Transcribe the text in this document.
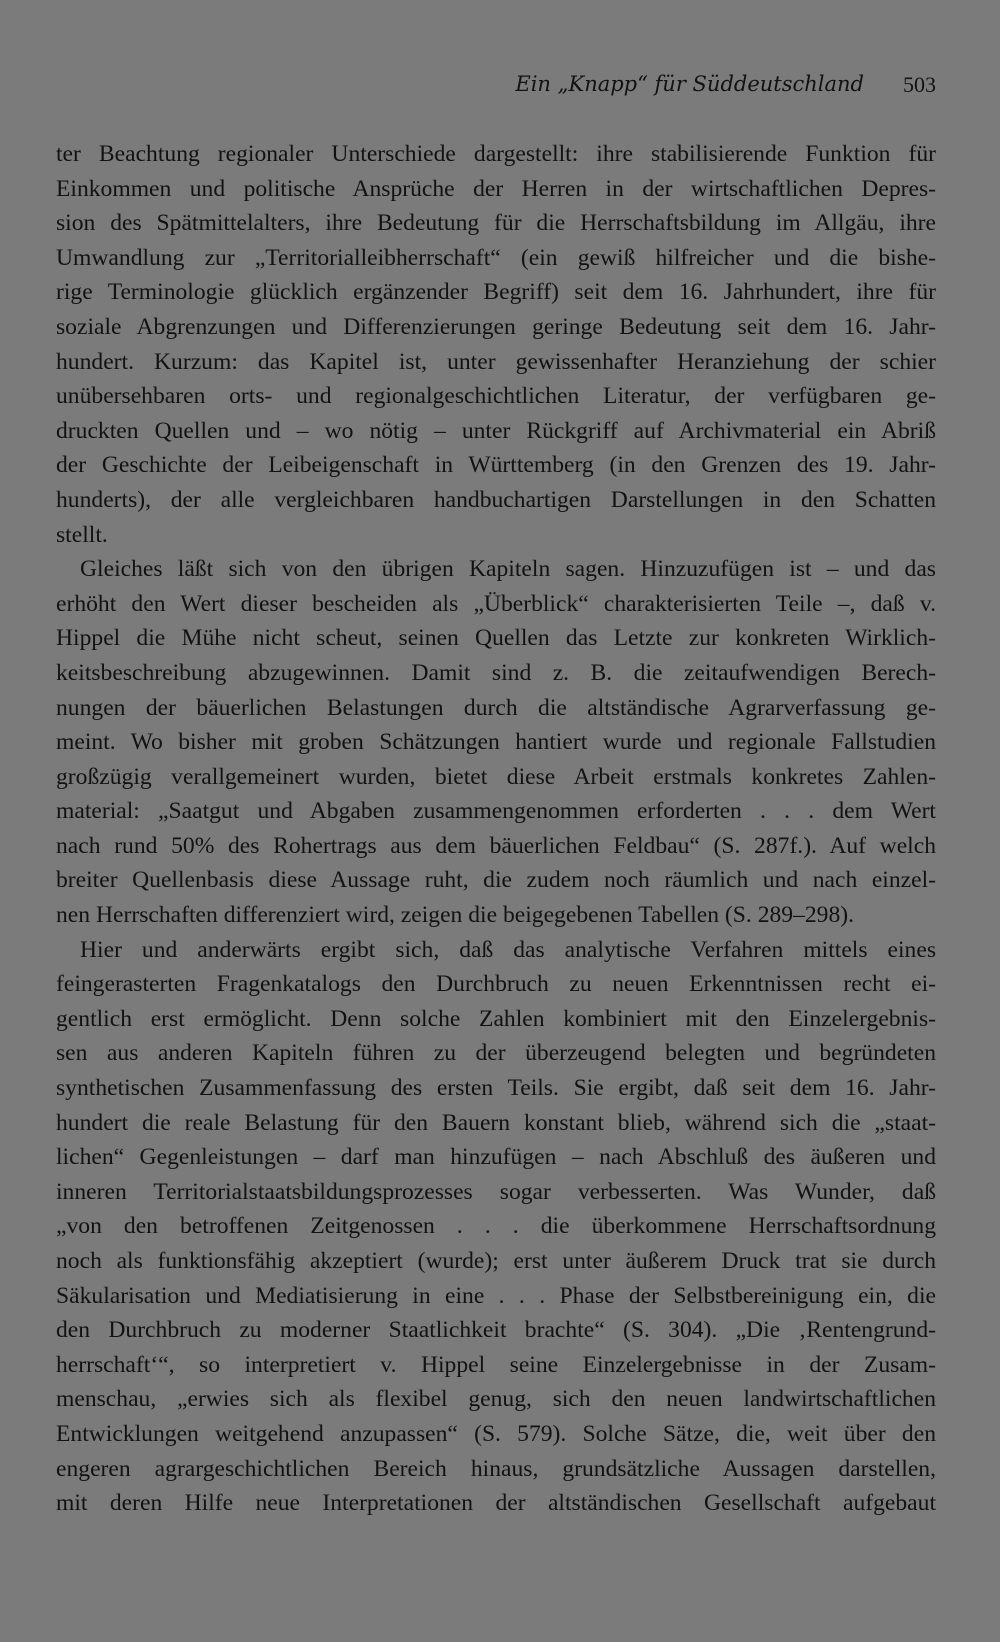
Ein „Knapp“ für Süddeutschland 503
ter Beachtung regionaler Unterschiede dargestellt: ihre stabilisierende Funktion für
Einkommen und politische Ansprüche der Herren in der wirtschaftlichen Depres-
sion des Spätmittelalters, ihre Bedeutung für die Herrschaftsbildung im Allgäu, ihre
Umwandlung zur „Territorialleibherrschaft“ (ein gewiß hilfreicher und die bishe-
rige Terminologie glücklich ergänzender Begriff) seit dem 16. Jahrhundert, ihre für
soziale Abgrenzungen und Differenzierungen geringe Bedeutung seit dem 16. Jahr-
hundert. Kurzum: das Kapitel ist, unter gewissenhafter Heranziehung der schier
unübersehbaren orts- und regionalgeschichtlichen Literatur, der verfügbaren ge-
druckten Quellen und – wo nötig – unter Rückgriff auf Archivmaterial ein Abriß
der Geschichte der Leibeigenschaft in Württemberg (in den Grenzen des 19. Jahr-
hunderts), der alle vergleichbaren handbuchartigen Darstellungen in den Schatten
stellt.
Gleiches läßt sich von den übrigen Kapiteln sagen. Hinzuzufügen ist – und das
erhöht den Wert dieser bescheiden als „Überblick“ charakterisierten Teile –, daß v.
Hippel die Mühe nicht scheut, seinen Quellen das Letzte zur konkreten Wirklich-
keitsbeschreibung abzugewinnen. Damit sind z. B. die zeitaufwendigen Berech-
nungen der bäuerlichen Belastungen durch die altständische Agrarverfassung ge-
meint. Wo bisher mit groben Schätzungen hantiert wurde und regionale Fallstudien
großzügig verallgemeinert wurden, bietet diese Arbeit erstmals konkretes Zahlen-
material: „Saatgut und Abgaben zusammengenommen erforderten . . . dem Wert
nach rund 50% des Rohertrags aus dem bäuerlichen Feldbau“ (S. 287f.). Auf welch
breiter Quellenbasis diese Aussage ruht, die zudem noch räumlich und nach einzel-
nen Herrschaften differenziert wird, zeigen die beigegebenen Tabellen (S. 289–298).
Hier und anderwärts ergibt sich, daß das analytische Verfahren mittels eines
feingerasterten Fragenkatalogs den Durchbruch zu neuen Erkenntnissen recht ei-
gentlich erst ermöglicht. Denn solche Zahlen kombiniert mit den Einzelergebnis-
sen aus anderen Kapiteln führen zu der überzeugend belegten und begründeten
synthetischen Zusammenfassung des ersten Teils. Sie ergibt, daß seit dem 16. Jahr-
hundert die reale Belastung für den Bauern konstant blieb, während sich die „staat-
lichen“ Gegenleistungen – darf man hinzufügen – nach Abschluß des äußeren und
inneren Territorialstaatsbildungsprozesses sogar verbesserten. Was Wunder, daß
„von den betroffenen Zeitgenossen . . . die überkommene Herrschaftsordnung
noch als funktionsfähig akzeptiert (wurde); erst unter äußerem Druck trat sie durch
Säkularisation und Mediatisierung in eine . . . Phase der Selbstbereinigung ein, die
den Durchbruch zu moderner Staatlichkeit brachte“ (S. 304). „Die ‚Rentengrund-
herrschaft‘“, so interpretiert v. Hippel seine Einzelergebnisse in der Zusam-
menschau, „erwies sich als flexibel genug, sich den neuen landwirtschaftlichen
Entwicklungen weitgehend anzupassen“ (S. 579). Solche Sätze, die, weit über den
engeren agrargeschichtlichen Bereich hinaus, grundsätzliche Aussagen darstellen,
mit deren Hilfe neue Interpretationen der altständischen Gesellschaft aufgebaut
